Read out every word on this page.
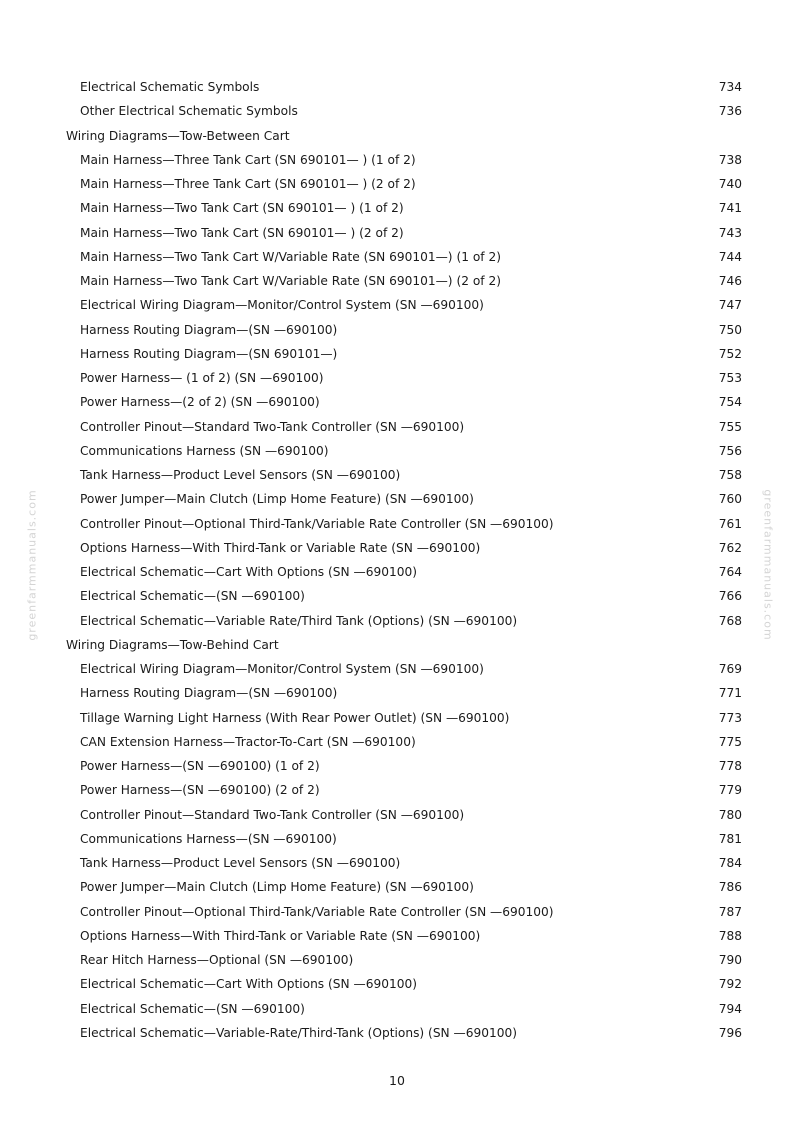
greenfarmmanuals.com	greenfarmmanuals.com
Electrical Schematic Symbols	734
Other Electrical Schematic Symbols	736
Wiring Diagrams—Tow-Between Cart
Main Harness—Three Tank Cart (SN 690101— ) (1 of 2)	738
Main Harness—Three Tank Cart (SN 690101— ) (2 of 2)	740
Main Harness—Two Tank Cart (SN 690101— ) (1 of 2)	741
Main Harness—Two Tank Cart (SN 690101— ) (2 of 2)	743
Main Harness—Two Tank Cart W/Variable Rate (SN 690101—) (1 of 2)	744
Main Harness—Two Tank Cart W/Variable Rate (SN 690101—) (2 of 2)	746
Electrical Wiring Diagram—Monitor/Control System (SN —690100)	747
Harness Routing Diagram—(SN —690100)	750
Harness Routing Diagram—(SN 690101—)	752
Power Harness— (1 of 2) (SN —690100)	753
Power Harness—(2 of 2) (SN —690100)	754
Controller Pinout—Standard Two-Tank Controller (SN —690100)	755
Communications Harness (SN —690100)	756
Tank Harness—Product Level Sensors (SN —690100)	758
Power Jumper—Main Clutch (Limp Home Feature) (SN —690100)	760
Controller Pinout—Optional Third-Tank/Variable Rate Controller (SN —690100)	761
Options Harness—With Third-Tank or Variable Rate (SN —690100)	762
Electrical Schematic—Cart With Options (SN —690100)	764
Electrical Schematic—(SN —690100)	766
Electrical Schematic—Variable Rate/Third Tank (Options) (SN —690100)	768
Wiring Diagrams—Tow-Behind Cart
Electrical Wiring Diagram—Monitor/Control System (SN —690100)	769
Harness Routing Diagram—(SN —690100)	771
Tillage Warning Light Harness (With Rear Power Outlet) (SN —690100)	773
CAN Extension Harness—Tractor-To-Cart (SN —690100)	775
Power Harness—(SN —690100) (1 of 2)	778
Power Harness—(SN —690100) (2 of 2)	779
Controller Pinout—Standard Two-Tank Controller (SN —690100)	780
Communications Harness—(SN —690100)	781
Tank Harness—Product Level Sensors (SN —690100)	784
Power Jumper—Main Clutch (Limp Home Feature) (SN —690100)	786
Controller Pinout—Optional Third-Tank/Variable Rate Controller (SN —690100)	787
Options Harness—With Third-Tank or Variable Rate (SN —690100)	788
Rear Hitch Harness—Optional (SN —690100)	790
Electrical Schematic—Cart With Options (SN —690100)	792
Electrical Schematic—(SN —690100)	794
Electrical Schematic—Variable-Rate/Third-Tank (Options) (SN —690100)	796
10
